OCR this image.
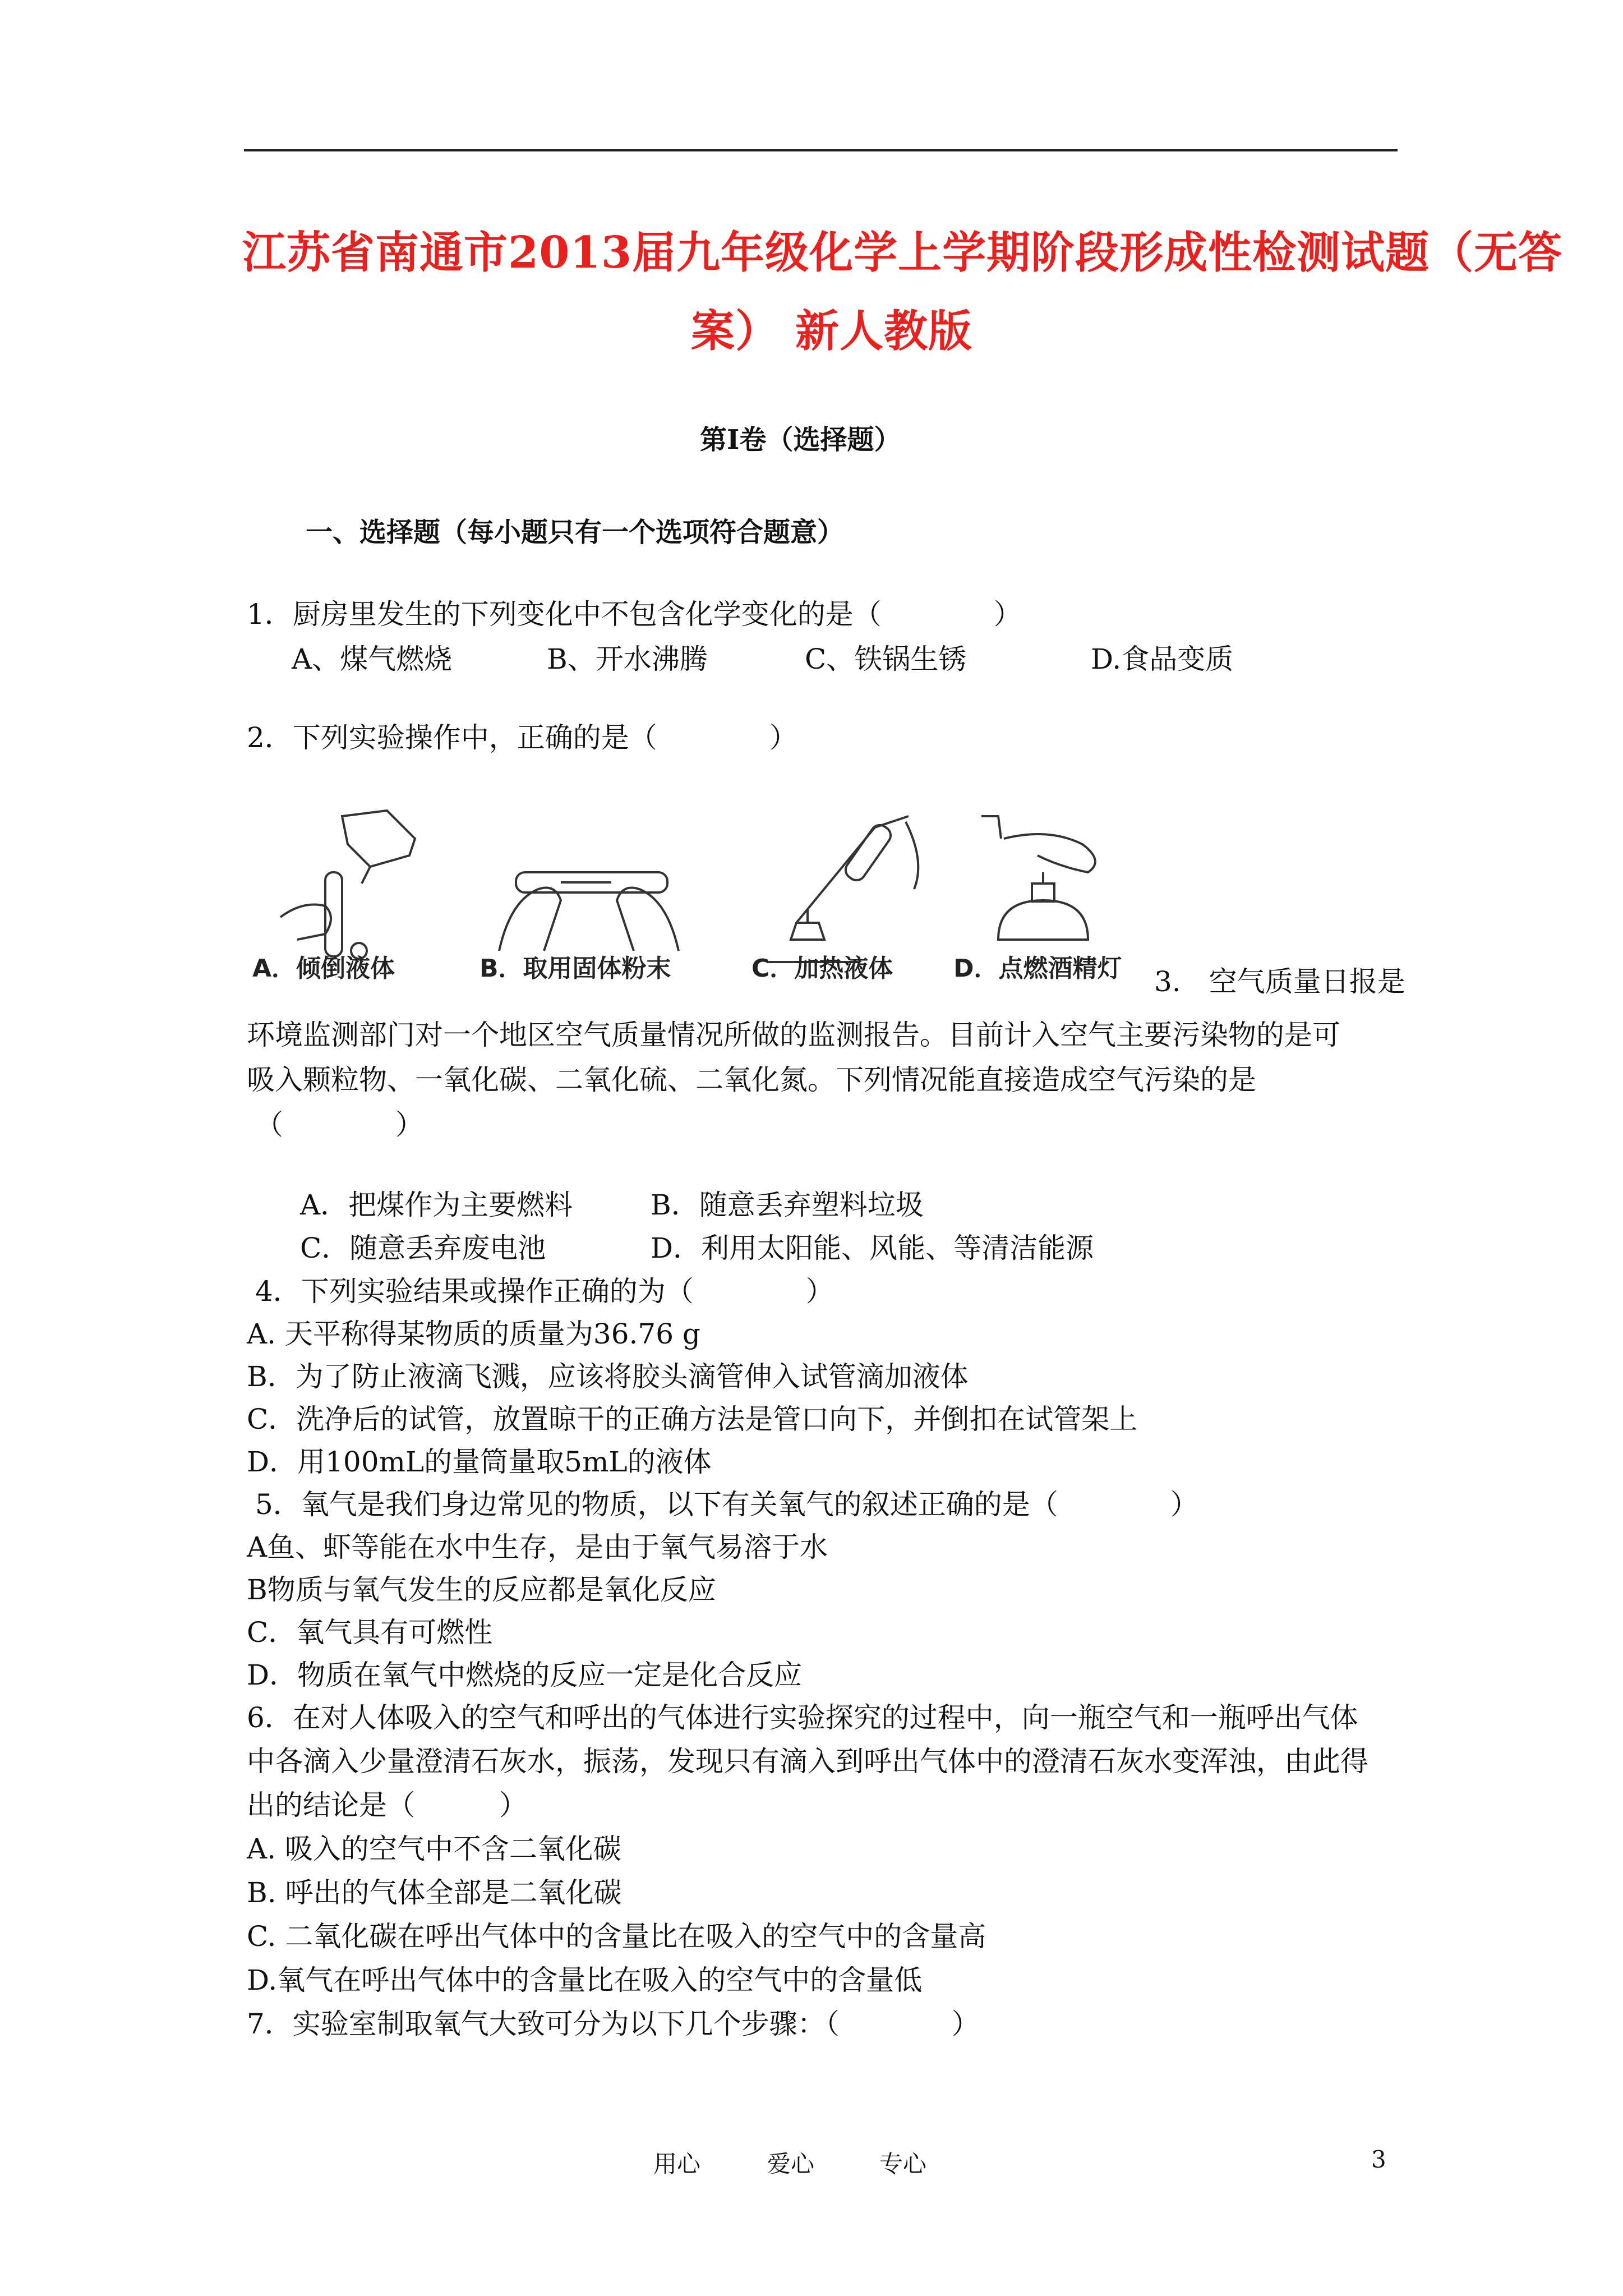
江苏省南通市2013届九年级化学上学期阶段形成性检测试题（无答
案） 新人教版
第Ⅰ卷（选择题）
一、选择题（每小题只有一个选项符合题意）
1．厨房里发生的下列变化中不包含化学变化的是（　　　　）
A、煤气燃烧	B、开水沸腾	C、铁锅生锈	D.食品变质
2．下列实验操作中，正确的是（　　　　）
A．倾倒液体	B．取用固体粉末	C．加热液体 D．点燃酒精灯 3.　空气质量日报是
环境监测部门对一个地区空气质量情况所做的监测报告。目前计入空气主要污染物的是可
吸入颗粒物、一氧化碳、二氧化硫、二氧化氮。下列情况能直接造成空气污染的是
（　　　　）
A．把煤作为主要燃料	B．随意丢弃塑料垃圾
C．随意丢弃废电池	D．利用太阳能、风能、等清洁能源
4．下列实验结果或操作正确的为（　　　　）
A. 天平称得某物质的质量为36.76 g
B．为了防止液滴飞溅，应该将胶头滴管伸入试管滴加液体
C．洗净后的试管，放置晾干的正确方法是管口向下，并倒扣在试管架上
D．用100mL的量筒量取5mL的液体
5．氧气是我们身边常见的物质，以下有关氧气的叙述正确的是（　　　　）
A鱼、虾等能在水中生存，是由于氧气易溶于水
B物质与氧气发生的反应都是氧化反应
C．氧气具有可燃性
D．物质在氧气中燃烧的反应一定是化合反应
6．在对人体吸入的空气和呼出的气体进行实验探究的过程中，向一瓶空气和一瓶呼出气体
中各滴入少量澄清石灰水，振荡，发现只有滴入到呼出气体中的澄清石灰水变浑浊，由此得
出的结论是（　　　）
A. 吸入的空气中不含二氧化碳
B. 呼出的气体全部是二氧化碳
C. 二氧化碳在呼出气体中的含量比在吸入的空气中的含量高
D.氧气在呼出气体中的含量比在吸入的空气中的含量低
7．实验室制取氧气大致可分为以下几个步骤：（　　　　）
用心	爱心	专心	3
